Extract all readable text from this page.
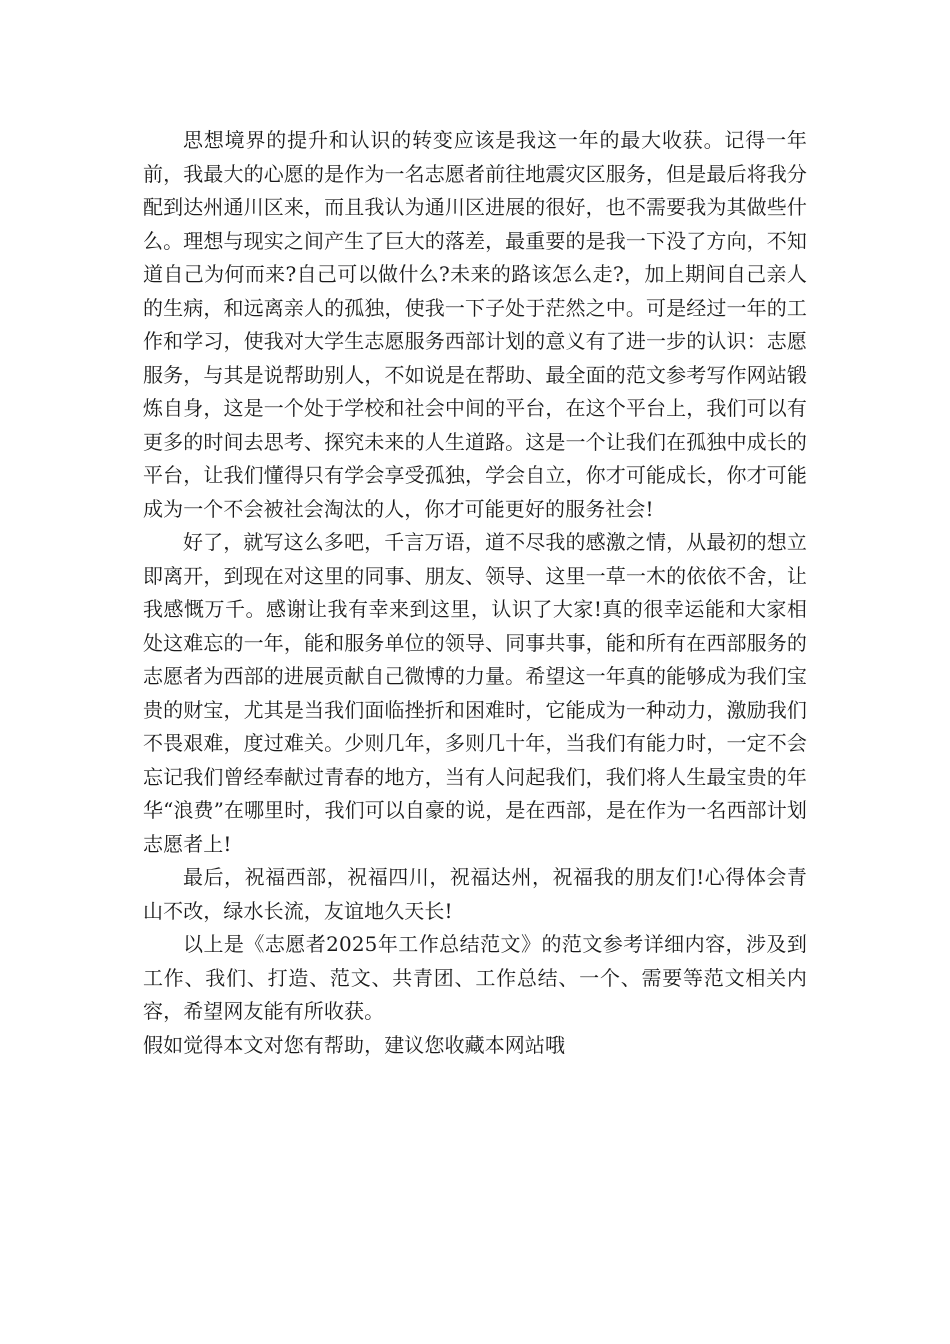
思想境界的提升和认识的转变应该是我这一年的最大收获。记得一年前，我最大的心愿的是作为一名志愿者前往地震灾区服务，但是最后将我分配到达州通川区来，而且我认为通川区进展的很好，也不需要我为其做些什么。理想与现实之间产生了巨大的落差，最重要的是我一下没了方向，不知道自己为何而来?自己可以做什么?未来的路该怎么走?，加上期间自己亲人的生病，和远离亲人的孤独，使我一下子处于茫然之中。可是经过一年的工作和学习，使我对大学生志愿服务西部计划的意义有了进一步的认识：志愿服务，与其是说帮助别人，不如说是在帮助、最全面的范文参考写作网站锻炼自身，这是一个处于学校和社会中间的平台，在这个平台上，我们可以有更多的时间去思考、探究未来的人生道路。这是一个让我们在孤独中成长的平台，让我们懂得只有学会享受孤独，学会自立，你才可能成长，你才可能成为一个不会被社会淘汰的人，你才可能更好的服务社会!

好了，就写这么多吧，千言万语，道不尽我的感激之情，从最初的想立即离开，到现在对这里的同事、朋友、领导、这里一草一木的依依不舍，让我感慨万千。感谢让我有幸来到这里，认识了大家!真的很幸运能和大家相处这难忘的一年，能和服务单位的领导、同事共事，能和所有在西部服务的志愿者为西部的进展贡献自己微博的力量。希望这一年真的能够成为我们宝贵的财宝，尤其是当我们面临挫折和困难时，它能成为一种动力，激励我们不畏艰难，度过难关。少则几年，多则几十年，当我们有能力时，一定不会忘记我们曾经奉献过青春的地方，当有人问起我们，我们将人生最宝贵的年华“浪费”在哪里时，我们可以自豪的说，是在西部，是在作为一名西部计划志愿者上!

最后，祝福西部，祝福四川，祝福达州，祝福我的朋友们!心得体会青山不改，绿水长流，友谊地久天长!

以上是《志愿者2025年工作总结范文》的范文参考详细内容，涉及到工作、我们、打造、范文、共青团、工作总结、一个、需要等范文相关内容，希望网友能有所收获。

假如觉得本文对您有帮助，建议您收藏本网站哦
